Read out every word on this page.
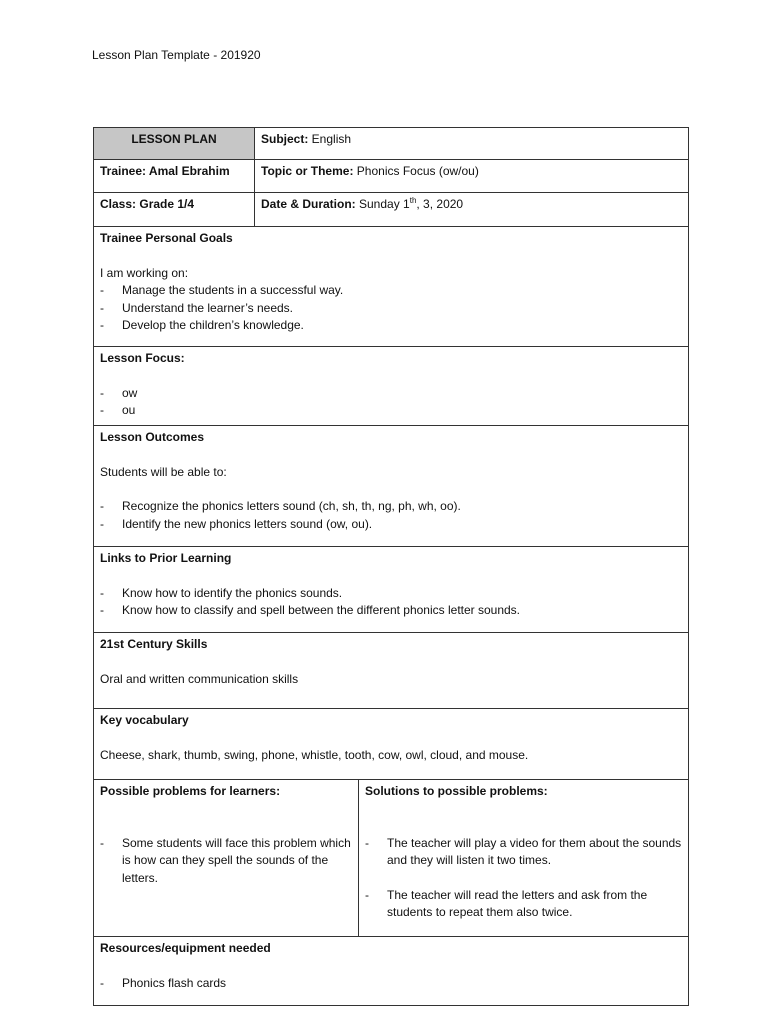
Lesson Plan Template - 201920
LESSON PLAN	Subject: English
Trainee: Amal Ebrahim	Topic or Theme: Phonics Focus (ow/ou)
Class: Grade 1/4	Date & Duration: Sunday 1th, 3, 2020
Trainee Personal Goals
I am working on:
- Manage the students in a successful way.
- Understand the learner’s needs.
- Develop the children’s knowledge.
Lesson Focus:
- ow
- ou
Lesson Outcomes
Students will be able to:
- Recognize the phonics letters sound (ch, sh, th, ng, ph, wh, oo).
- Identify the new phonics letters sound (ow, ou).
Links to Prior Learning
- Know how to identify the phonics sounds.
- Know how to classify and spell between the different phonics letter sounds.
21st Century Skills
Oral and written communication skills
Key vocabulary
Cheese, shark, thumb, swing, phone, whistle, tooth, cow, owl, cloud, and mouse.
Possible problems for learners:
- Some students will face this problem which is how can they spell the sounds of the letters.
Solutions to possible problems:
- The teacher will play a video for them about the sounds and they will listen it two times.
- The teacher will read the letters and ask from the students to repeat them also twice.
Resources/equipment needed
- Phonics flash cards
